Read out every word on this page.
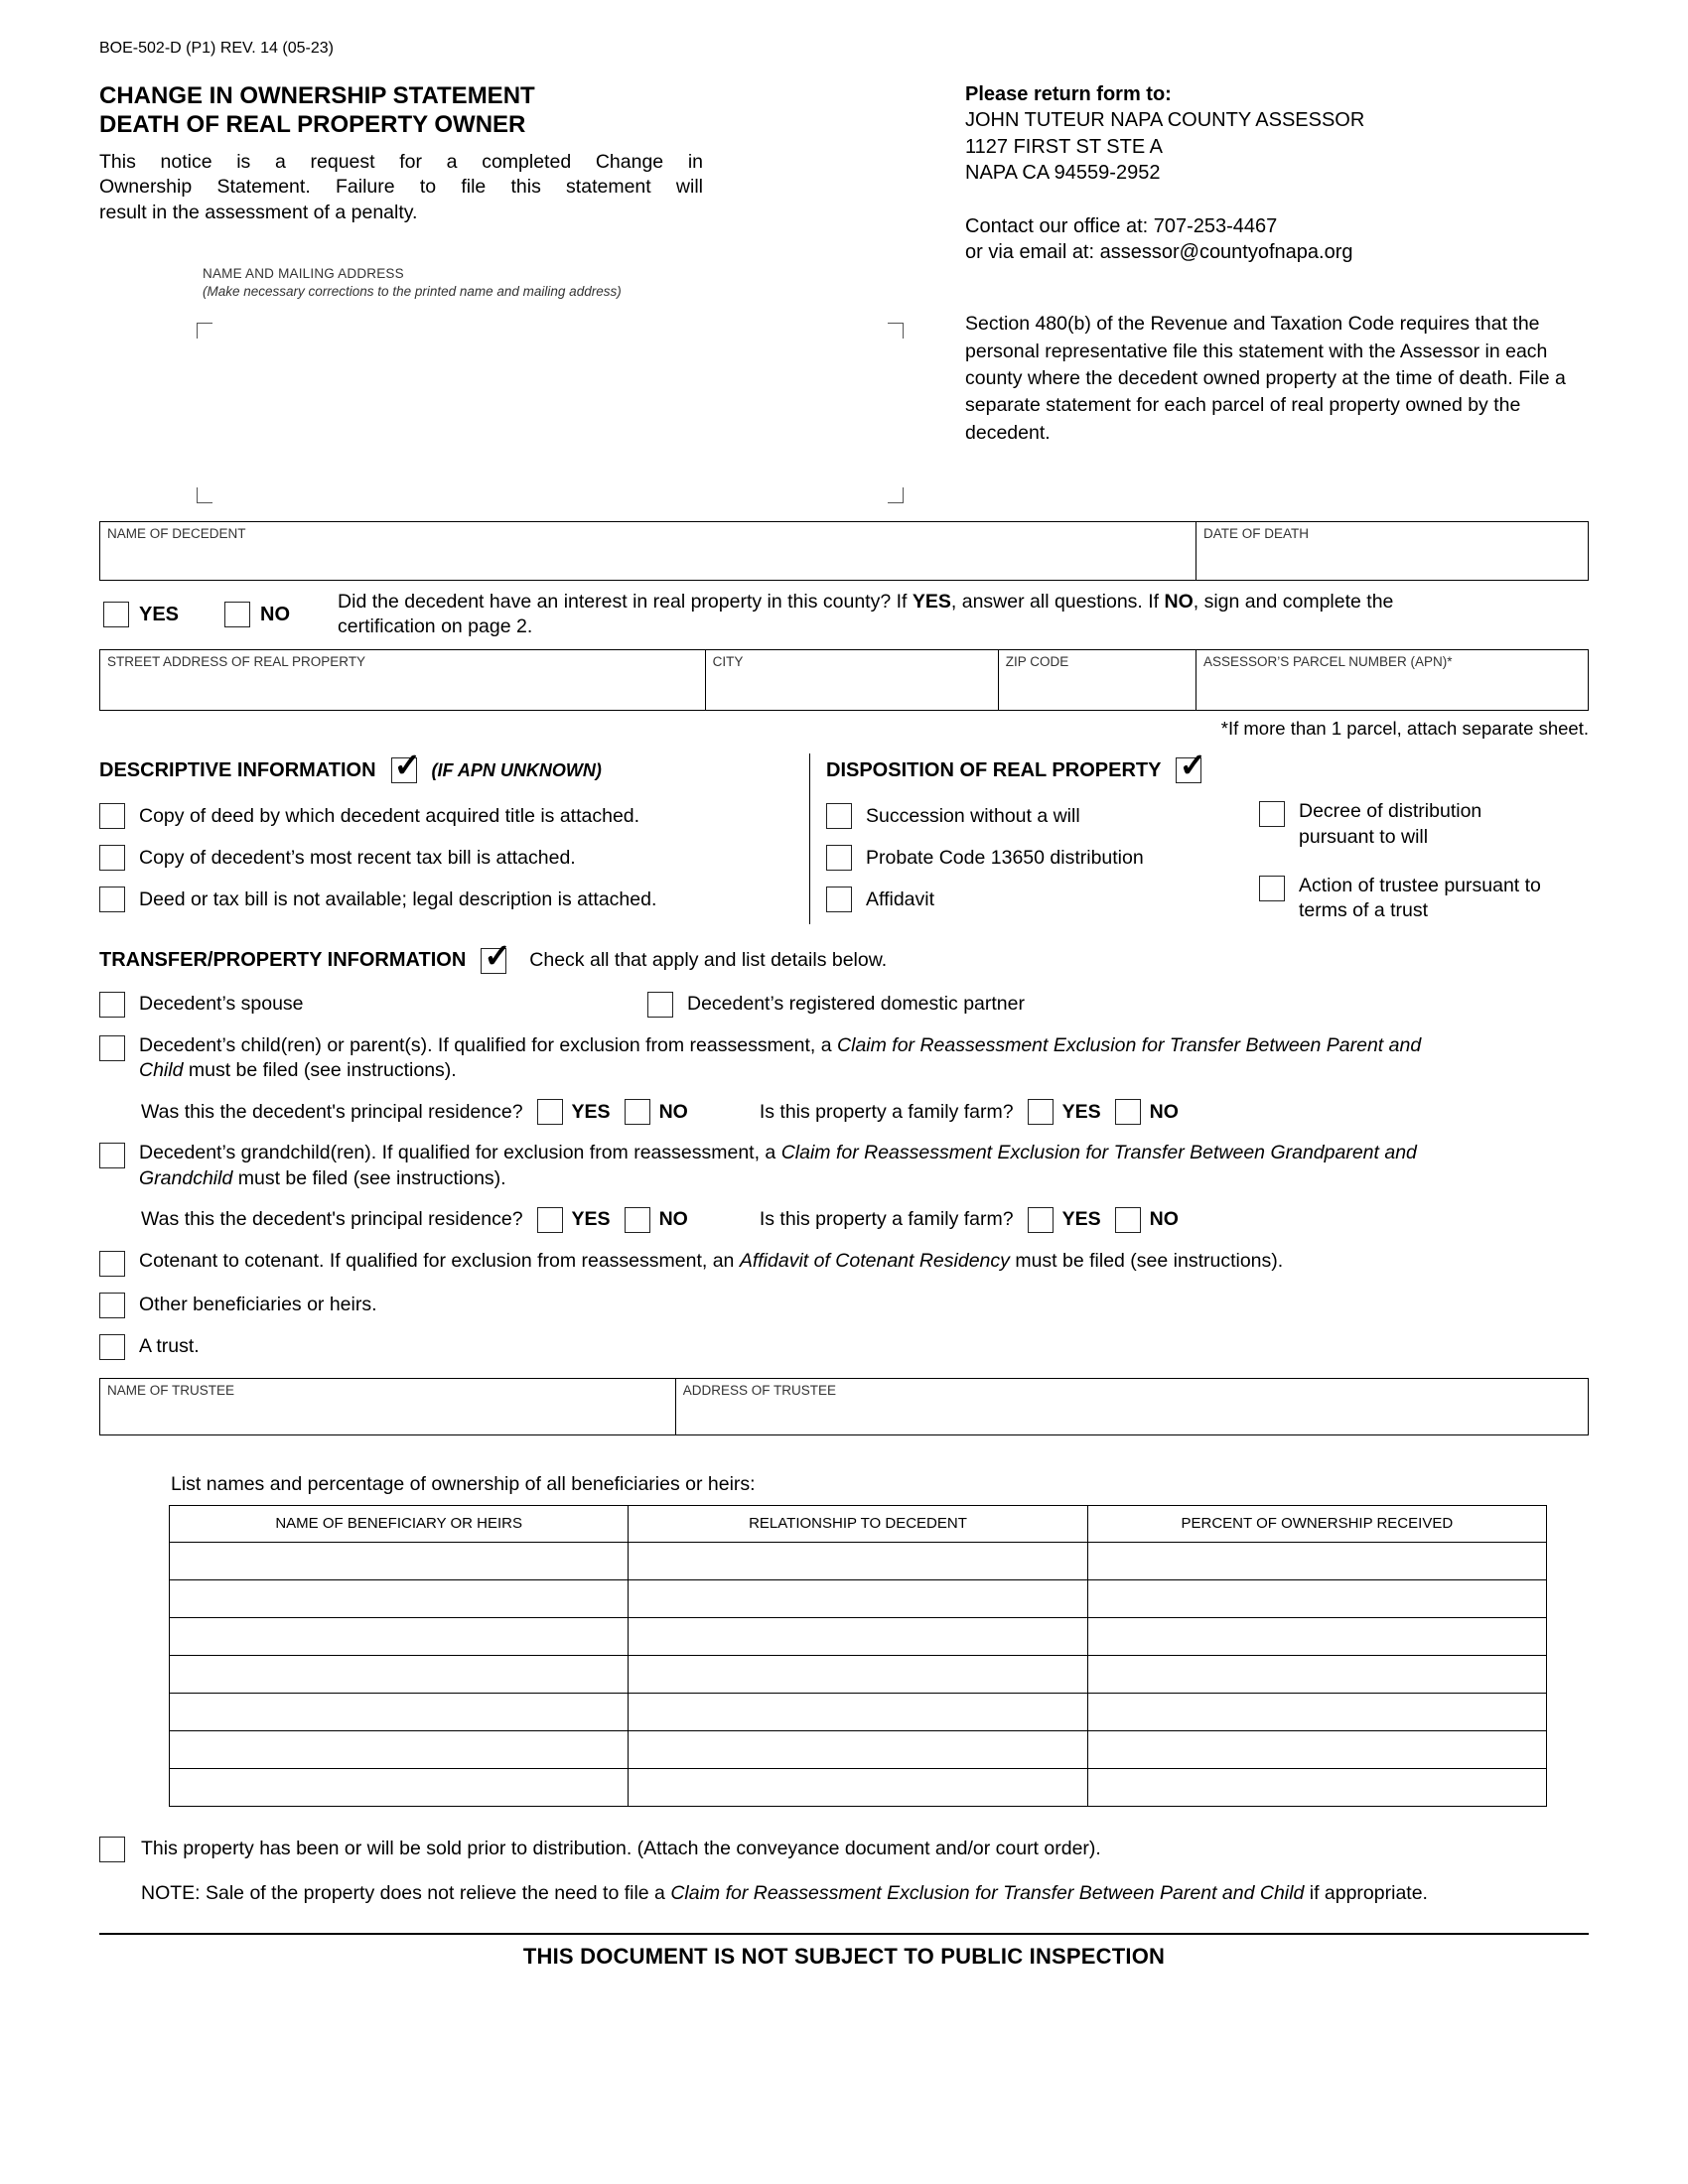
BOE-502-D (P1) REV. 14 (05-23)
CHANGE IN OWNERSHIP STATEMENT
DEATH OF REAL PROPERTY OWNER
This notice is a request for a completed Change in
Ownership Statement. Failure to file this statement will
result in the assessment of a penalty.
NAME AND MAILING ADDRESS
(Make necessary corrections to the printed name and mailing address)
Please return form to:
JOHN TUTEUR NAPA COUNTY ASSESSOR
1127 FIRST ST STE A
NAPA CA 94559-2952
Contact our office at: 707-253-4467
or via email at: assessor@countyofnapa.org

Section 480(b) of the Revenue and Taxation Code requires that the personal representative file this statement with the Assessor in each county where the decedent owned property at the time of death. File a separate statement for each parcel of real property owned by the decedent.

NAME OF DECEDENT	DATE OF DEATH
YES	NO
Did the decedent have an interest in real property in this county? If YES, answer all questions. If NO, sign and complete the certification on page 2.
STREET ADDRESS OF REAL PROPERTY	CITY	ZIP CODE	ASSESSOR’S PARCEL NUMBER (APN)*
*If more than 1 parcel, attach separate sheet.
DESCRIPTIVE INFORMATION ✓	(IF APN UNKNOWN)
Copy of deed by which decedent acquired title is attached.
Copy of decedent’s most recent tax bill is attached.
Deed or tax bill is not available; legal description is attached.
DISPOSITION OF REAL PROPERTY
✓
Succession without a will
Probate Code 13650 distribution
Affidavit
Decree of distribution pursuant to will
Action of trustee pursuant to terms of a trust
TRANSFER/PROPERTY INFORMATION ✓	Check all that apply and list details below.
Decedent’s spouse	Decedent’s registered domestic partner
Decedent’s child(ren) or parent(s). If qualified for exclusion from reassessment, a Claim for Reassessment Exclusion for Transfer Between Parent and Child must be filed (see instructions).
Was this the decedent's principal residence?	YES	NO	Is this property a family farm?	YES	NO
Decedent’s grandchild(ren). If qualified for exclusion from reassessment, a Claim for Reassessment Exclusion for Transfer Between Grandparent and Grandchild must be filed (see instructions).
Was this the decedent's principal residence?	YES	NO	Is this property a family farm?	YES	NO
Cotenant to cotenant. If qualified for exclusion from reassessment, an Affidavit of Cotenant Residency must be filed (see instructions).
Other beneficiaries or heirs.
A trust.
NAME OF TRUSTEE	ADDRESS OF TRUSTEE
List names and percentage of ownership of all beneficiaries or heirs:
NAME OF BENEFICIARY OR HEIRS	RELATIONSHIP TO DECEDENT	PERCENT OF OWNERSHIP RECEIVED

This property has been or will be sold prior to distribution. (Attach the conveyance document and/or court order).
NOTE: Sale of the property does not relieve the need to file a Claim for Reassessment Exclusion for Transfer Between Parent and Child if appropriate.
THIS DOCUMENT IS NOT SUBJECT TO PUBLIC INSPECTION
